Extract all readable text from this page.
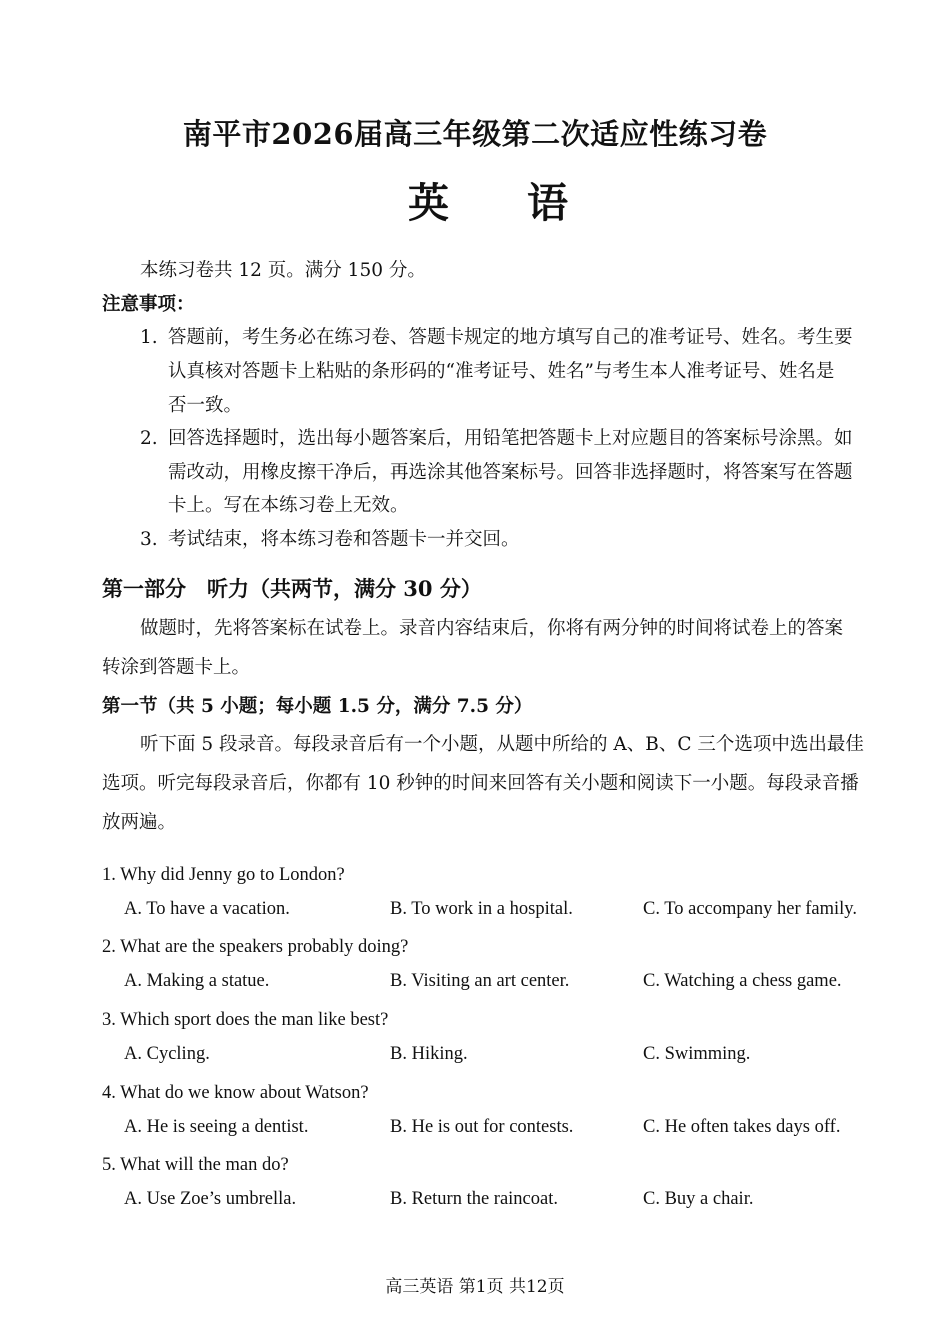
南平市2026届高三年级第二次适应性练习卷
英 语
本练习卷共 12 页。满分 150 分。
注意事项：
1. 答题前，考生务必在练习卷、答题卡规定的地方填写自己的准考证号、姓名。考生要
认真核对答题卡上粘贴的条形码的“准考证号、姓名”与考生本人准考证号、姓名是
否一致。
2. 回答选择题时，选出每小题答案后，用铅笔把答题卡上对应题目的答案标号涂黑。如
需改动，用橡皮擦干净后，再选涂其他答案标号。回答非选择题时，将答案写在答题
卡上。写在本练习卷上无效。
3. 考试结束，将本练习卷和答题卡一并交回。
第一部分　听力（共两节，满分 30 分）
做题时，先将答案标在试卷上。录音内容结束后，你将有两分钟的时间将试卷上的答案
转涂到答题卡上。
第一节（共 5 小题；每小题 1.5 分，满分 7.5 分）
听下面 5 段录音。每段录音后有一个小题，从题中所给的 A、B、C 三个选项中选出最佳
选项。听完每段录音后，你都有 10 秒钟的时间来回答有关小题和阅读下一小题。每段录音播
放两遍。
1. Why did Jenny go to London?
A. To have a vacation.	B. To work in a hospital.	C. To accompany her family.
2. What are the speakers probably doing?
A. Making a statue.	B. Visiting an art center.	C. Watching a chess game.
3. Which sport does the man like best?
A. Cycling.	B. Hiking.	C. Swimming.
4. What do we know about Watson?
A. He is seeing a dentist.	B. He is out for contests.	C. He often takes days off.
5. What will the man do?
A. Use Zoe’s umbrella.	B. Return the raincoat.	C. Buy a chair.
高三英语 第1页 共12页
